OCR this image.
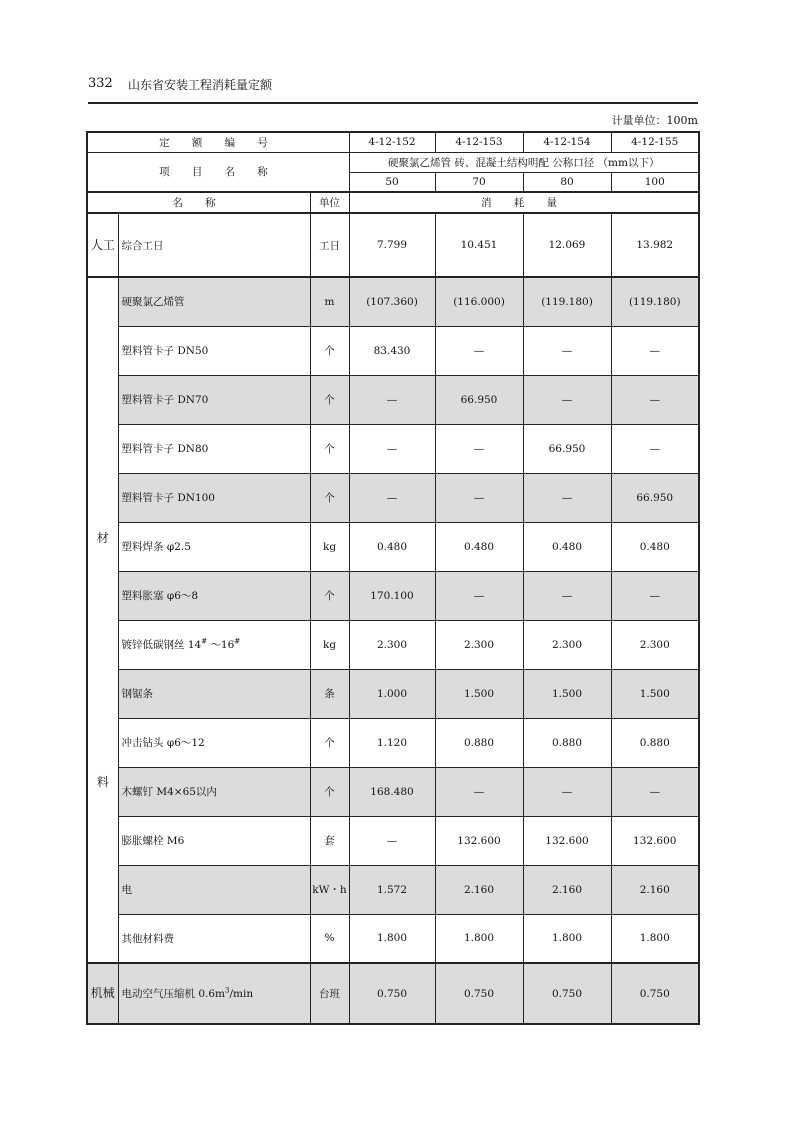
332 山东省安装工程消耗量定额
计量单位：100m
定 额 编 号			4-12-152	4-12-153	4-12-154	4-12-155
项 目 名 称			硬聚氯乙烯管 砖、混凝土结构明配 公称口径 （mm以下）			
			50	70	80	100
名 称		单位	消 耗 量			
人工	综合工日	工日	7.799	10.451	12.069	13.982

材
料	硬聚氯乙烯管	m	(107.360)	(116.000)	(119.180)	(119.180)
	塑料管卡子 DN50	个	83.430	—	—	—
	塑料管卡子 DN70	个	—	66.950	—	—
	塑料管卡子 DN80	个	—	—	66.950	—
	塑料管卡子 DN100	个	—	—	—	66.950
	塑料焊条 φ2.5	kg	0.480	0.480	0.480	0.480
	塑料胀塞 φ6～8	个	170.100	—	—	—
	镀锌低碳钢丝 14# ～16#	kg	2.300	2.300	2.300	2.300
	钢锯条	条	1.000	1.500	1.500	1.500
	冲击钻头 φ6～12	个	1.120	0.880	0.880	0.880
	木螺钉 M4×65以内	个	168.480	—	—	—
	膨胀螺栓 M6	套	—	132.600	132.600	132.600
	电	kW・h	1.572	2.160	2.160	2.160
	其他材料费	%	1.800	1.800	1.800	1.800
机械	电动空气压缩机 $0.6m^3/\min$	台班	0.750	0.750	0.750	0.750
